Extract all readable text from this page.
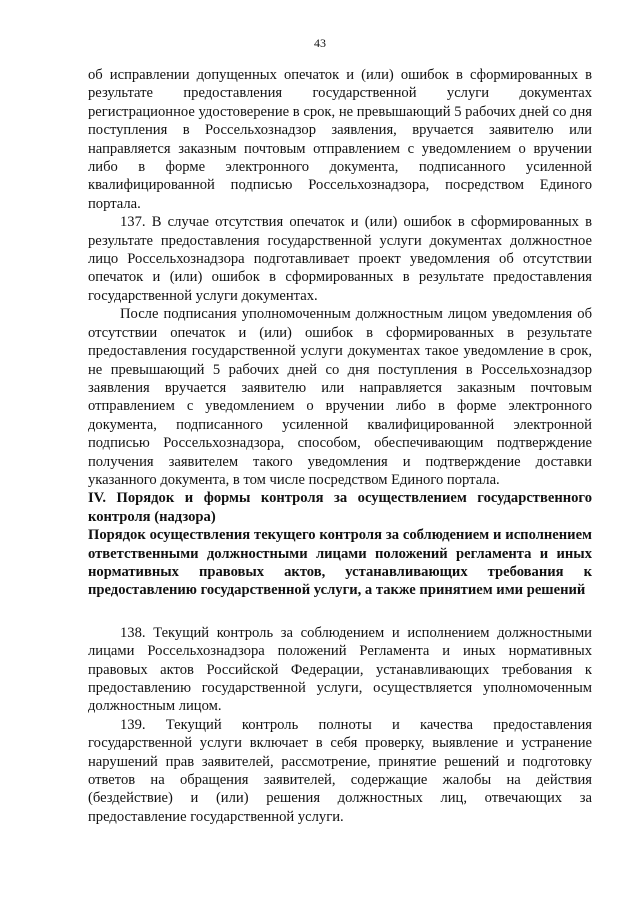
43

об исправлении допущенных опечаток и (или) ошибок в сформированных в результате предоставления государственной услуги документах регистрационное удостоверение в срок, не превышающий 5 рабочих дней со дня поступления в Россельхознадзор заявления, вручается заявителю или направляется заказным почтовым отправлением с уведомлением о вручении либо в форме электронного документа, подписанного усиленной квалифицированной подписью Россельхознадзора, посредством Единого портала.

137. В случае отсутствия опечаток и (или) ошибок в сформированных в результате предоставления государственной услуги документах должностное лицо Россельхознадзора подготавливает проект уведомления об отсутствии опечаток и (или) ошибок в сформированных в результате предоставления государственной услуги документах.

После подписания уполномоченным должностным лицом уведомления об отсутствии опечаток и (или) ошибок в сформированных в результате предоставления государственной услуги документах такое уведомление в срок, не превышающий 5 рабочих дней со дня поступления в Россельхознадзор заявления вручается заявителю или направляется заказным почтовым отправлением с уведомлением о вручении либо в форме электронного документа, подписанного усиленной квалифицированной электронной подписью Россельхознадзора, способом, обеспечивающим подтверждение получения заявителем такого уведомления и подтверждение доставки указанного документа, в том числе посредством Единого портала.

IV. Порядок и формы контроля за осуществлением государственного контроля (надзора)

Порядок осуществления текущего контроля за соблюдением и исполнением ответственными должностными лицами положений регламента и иных нормативных правовых актов, устанавливающих требования к предоставлению государственной услуги, а также принятием ими решений

138. Текущий контроль за соблюдением и исполнением должностными лицами Россельхознадзора положений Регламента и иных нормативных правовых актов Российской Федерации, устанавливающих требования к предоставлению государственной услуги, осуществляется уполномоченным должностным лицом.

139. Текущий контроль полноты и качества предоставления государственной услуги включает в себя проверку, выявление и устранение нарушений прав заявителей, рассмотрение, принятие решений и подготовку ответов на обращения заявителей, содержащие жалобы на действия (бездействие) и (или) решения должностных лиц, отвечающих за предоставление государственной услуги.
